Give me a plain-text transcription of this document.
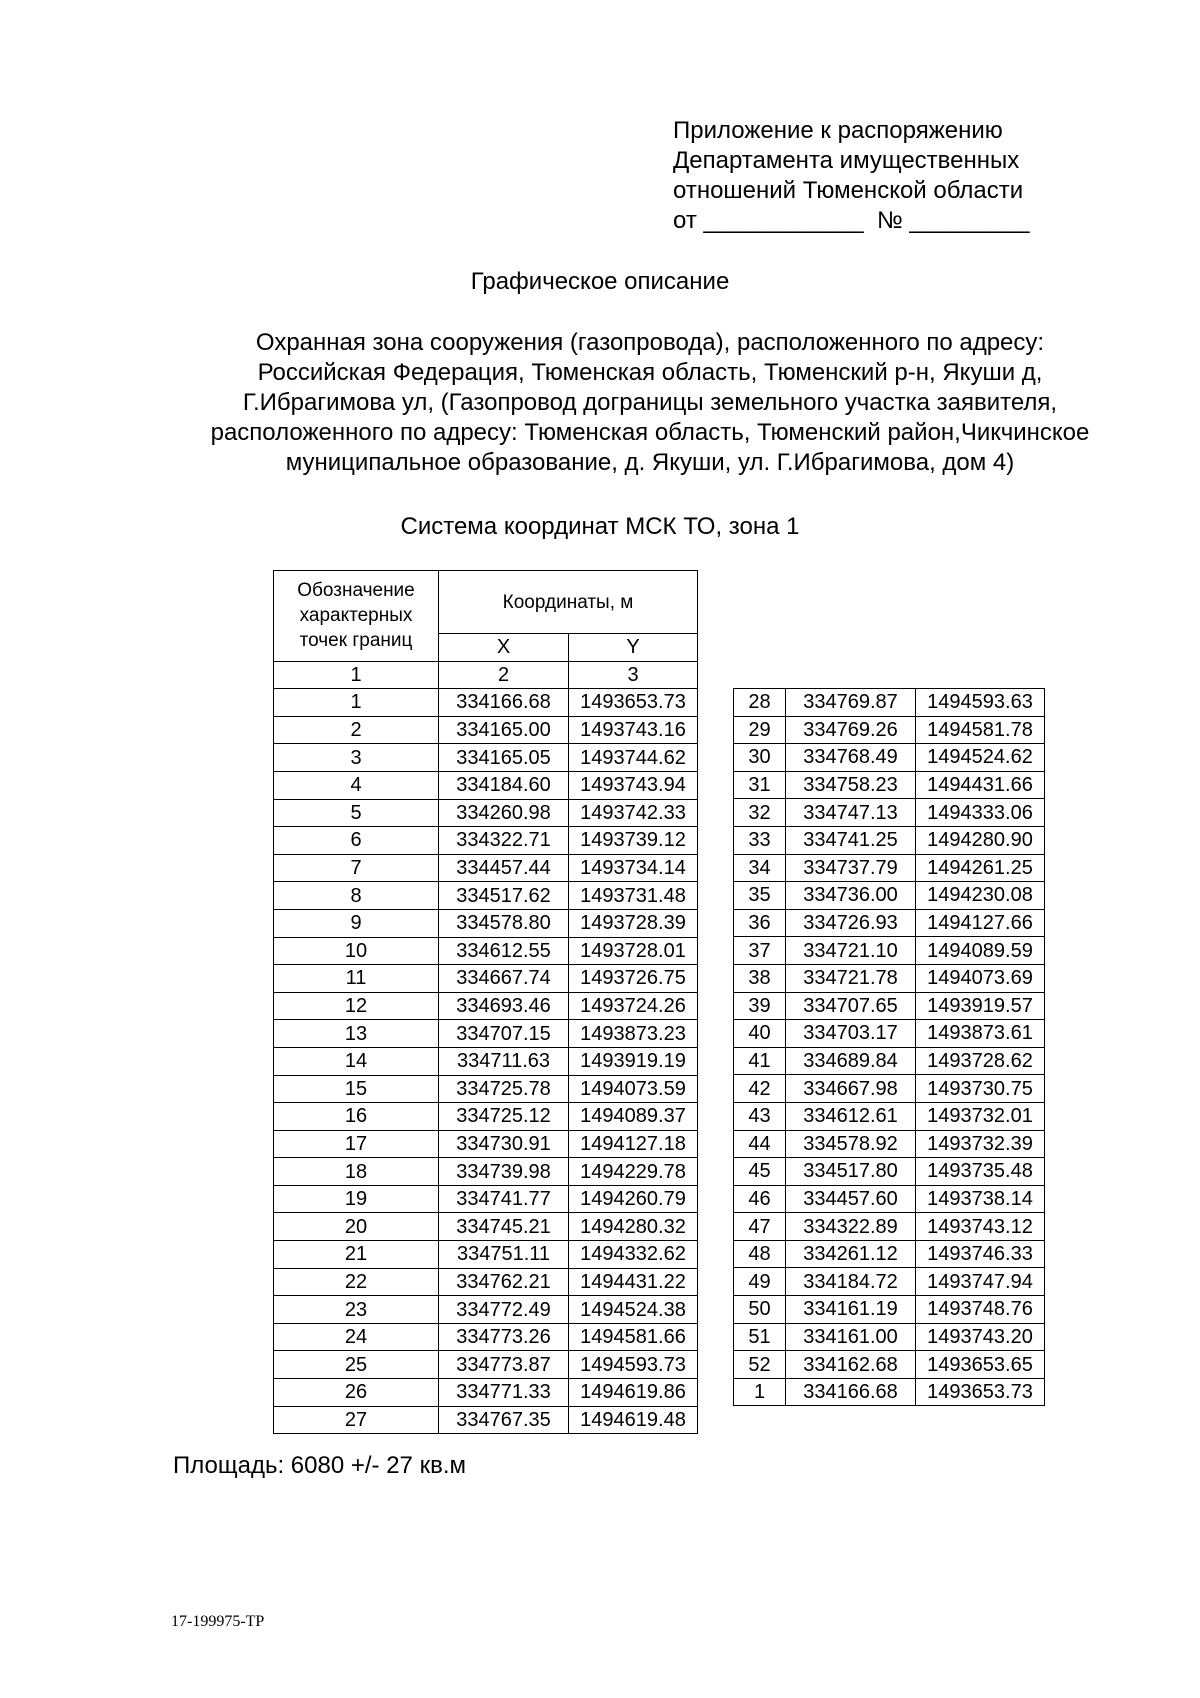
Приложение к распоряжению
Департамента имущественных
отношений Тюменской области
от ____________  № _________
Графическое описание
Охранная зона сооружения (газопровода), расположенного по адресу:
Российская Федерация, Тюменская область, Тюменский р-н, Якуши д,
Г.Ибрагимова ул, (Газопровод дограницы земельного участка заявителя,
расположенного по адресу: Тюменская область, Тюменский район,Чикчинское
муниципальное образование, д. Якуши, ул. Г.Ибрагимова, дом 4)
Система координат МСК ТО, зона 1
Обозначение характерных точек границ	Координаты, м	
	X	Y
1	2	3
1	334166.68	1493653.73
2	334165.00	1493743.16
3	334165.05	1493744.62
4	334184.60	1493743.94
5	334260.98	1493742.33
6	334322.71	1493739.12
7	334457.44	1493734.14
8	334517.62	1493731.48
9	334578.80	1493728.39
10	334612.55	1493728.01
11	334667.74	1493726.75
12	334693.46	1493724.26
13	334707.15	1493873.23
14	334711.63	1493919.19
15	334725.78	1494073.59
16	334725.12	1494089.37
17	334730.91	1494127.18
18	334739.98	1494229.78
19	334741.77	1494260.79
20	334745.21	1494280.32
21	334751.11	1494332.62
22	334762.21	1494431.22
23	334772.49	1494524.38
24	334773.26	1494581.66
25	334773.87	1494593.73
26	334771.33	1494619.86
27	334767.35	1494619.48
28	334769.87	1494593.63
29	334769.26	1494581.78
30	334768.49	1494524.62
31	334758.23	1494431.66
32	334747.13	1494333.06
33	334741.25	1494280.90
34	334737.79	1494261.25
35	334736.00	1494230.08
36	334726.93	1494127.66
37	334721.10	1494089.59
38	334721.78	1494073.69
39	334707.65	1493919.57
40	334703.17	1493873.61
41	334689.84	1493728.62
42	334667.98	1493730.75
43	334612.61	1493732.01
44	334578.92	1493732.39
45	334517.80	1493735.48
46	334457.60	1493738.14
47	334322.89	1493743.12
48	334261.12	1493746.33
49	334184.72	1493747.94
50	334161.19	1493748.76
51	334161.00	1493743.20
52	334162.68	1493653.65
1	334166.68	1493653.73
Площадь: 6080 +/- 27 кв.м
17-199975-ТР
